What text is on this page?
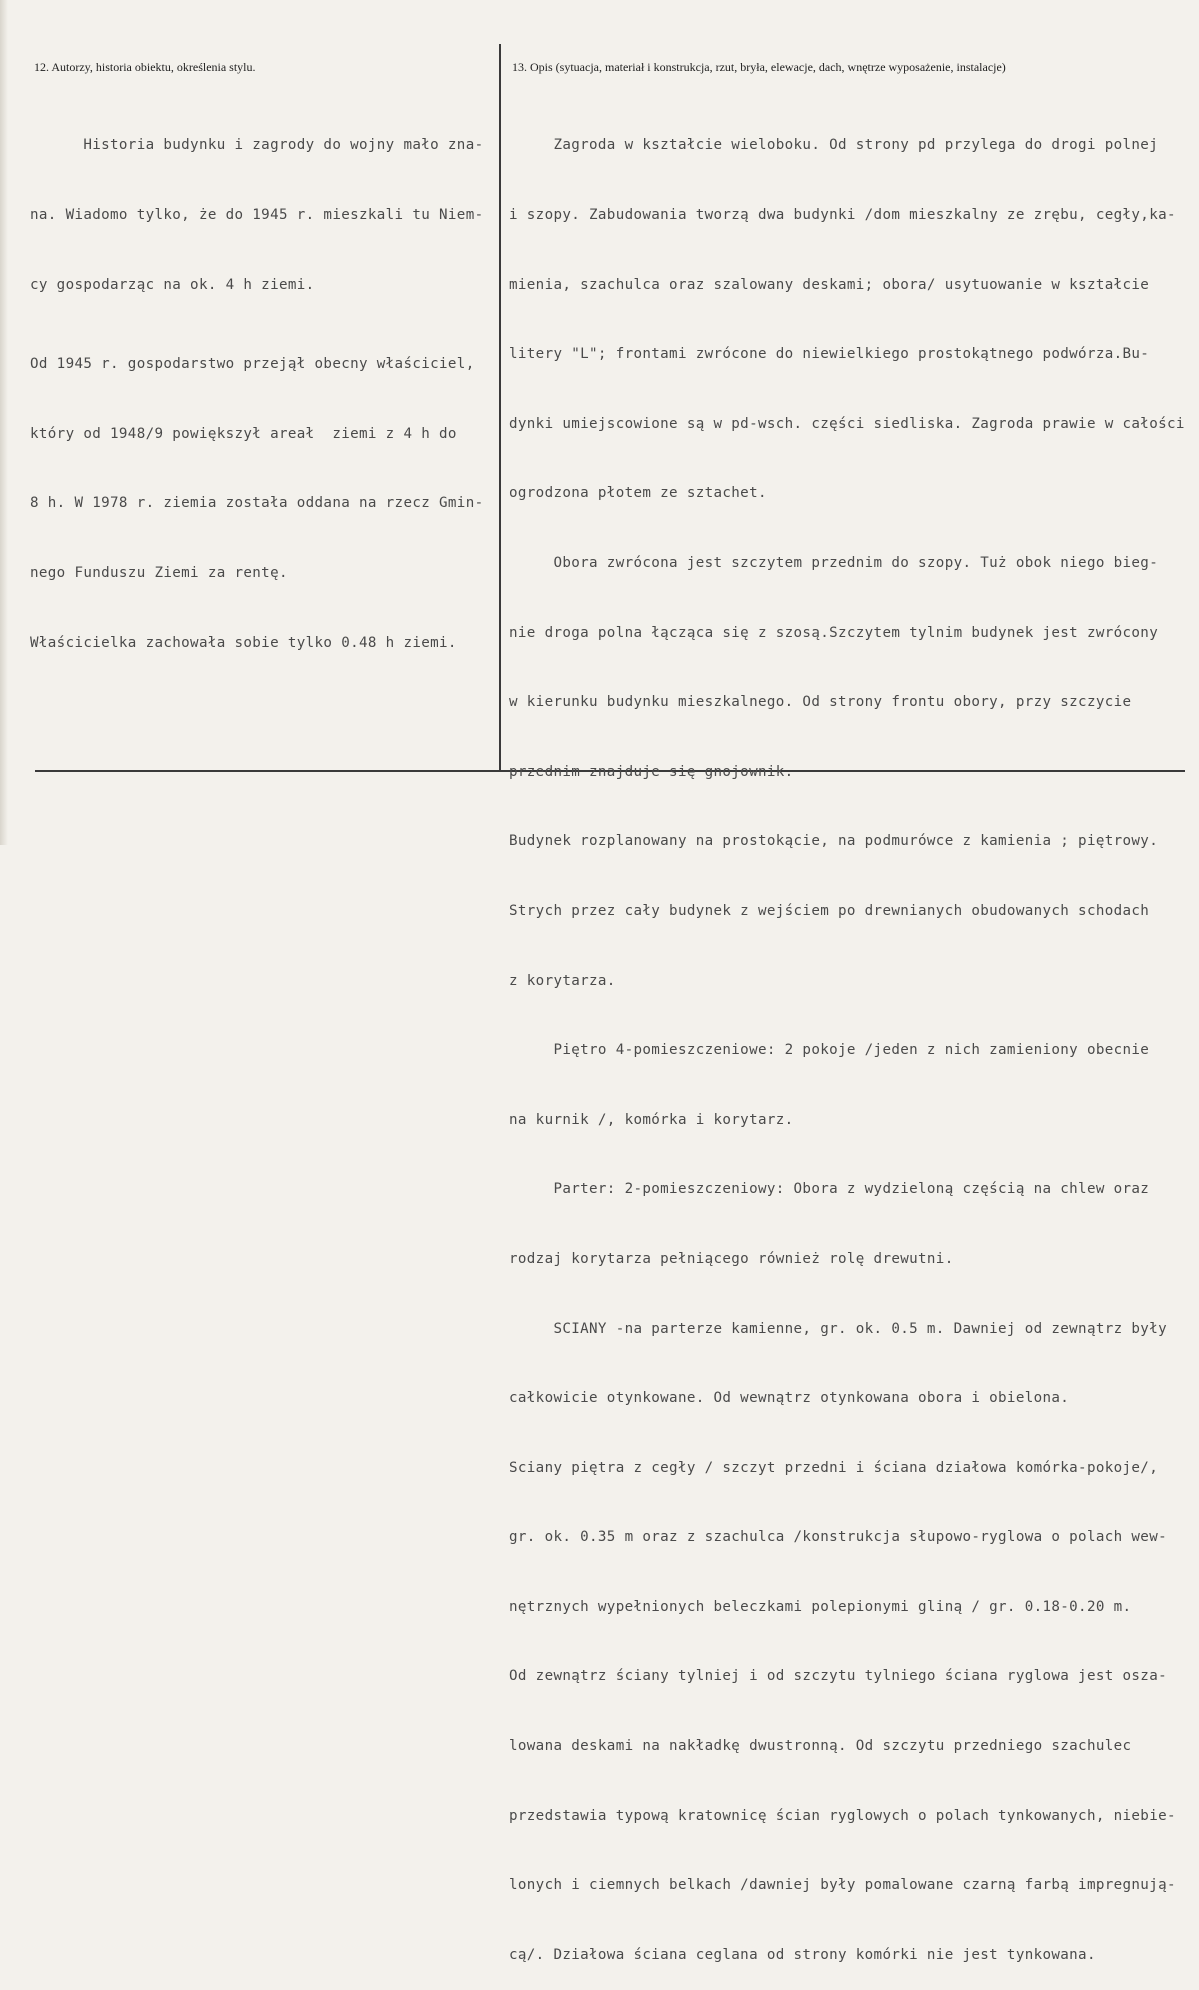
12. Autorzy, historia obiektu, określenia stylu.	13. Opis (sytuacja, materiał i konstrukcja, rzut, bryła, elewacje, dach, wnętrze wyposażenie, instalacje)

Historia budynku i zagrody do wojny mało zna-

na. Wiadomo tylko, że do 1945 r. mieszkali tu Niem-

cy gospodarząc na ok. 4 h ziemi.

Od 1945 r. gospodarstwo przejął obecny właściciel,

który od 1948/9 powiększył areał  ziemi z 4 h do

8 h. W 1978 r. ziemia została oddana na rzecz Gmin-

nego Funduszu Ziemi za rentę.

Właścicielka zachowała sobie tylko 0.48 h ziemi.

Zagroda w kształcie wieloboku. Od strony pd przylega do drogi polnej

i szopy. Zabudowania tworzą dwa budynki /dom mieszkalny ze zrębu, cegły,ka-

mienia, szachulca oraz szalowany deskami; obora/ usytuowanie w kształcie

litery "L"; frontami zwrócone do niewielkiego prostokątnego podwórza.Bu-

dynki umiejscowione są w pd-wsch. części siedliska. Zagroda prawie w całości

ogrodzona płotem ze sztachet.

Obora zwrócona jest szczytem przednim do szopy. Tuż obok niego bieg-

nie droga polna łącząca się z szosą.Szczytem tylnim budynek jest zwrócony

w kierunku budynku mieszkalnego. Od strony frontu obory, przy szczycie

przednim znajduje się gnojownik.

Budynek rozplanowany na prostokącie, na podmurówce z kamienia ; piętrowy.

Strych przez cały budynek z wejściem po drewnianych obudowanych schodach

z korytarza.

Piętro 4-pomieszczeniowe: 2 pokoje /jeden z nich zamieniony obecnie

na kurnik /, komórka i korytarz.

Parter: 2-pomieszczeniowy: Obora z wydzieloną częścią na chlew oraz

rodzaj korytarza pełniącego również rolę drewutni.

SCIANY -na parterze kamienne, gr. ok. 0.5 m. Dawniej od zewnątrz były

całkowicie otynkowane. Od wewnątrz otynkowana obora i obielona.

Sciany piętra z cegły / szczyt przedni i ściana działowa komórka-pokoje/,

gr. ok. 0.35 m oraz z szachulca /konstrukcja słupowo-ryglowa o polach wew-

nętrznych wypełnionych beleczkami polepionymi gliną / gr. 0.18-0.20 m.

Od zewnątrz ściany tylniej i od szczytu tylniego ściana ryglowa jest osza-

lowana deskami na nakładkę dwustronną. Od szczytu przedniego szachulec

przedstawia typową kratownicę ścian ryglowych o polach tynkowanych, niebie-

lonych i ciemnych belkach /dawniej były pomalowane czarną farbą impregnują-

cą/. Działowa ściana ceglana od strony komórki nie jest tynkowana.
